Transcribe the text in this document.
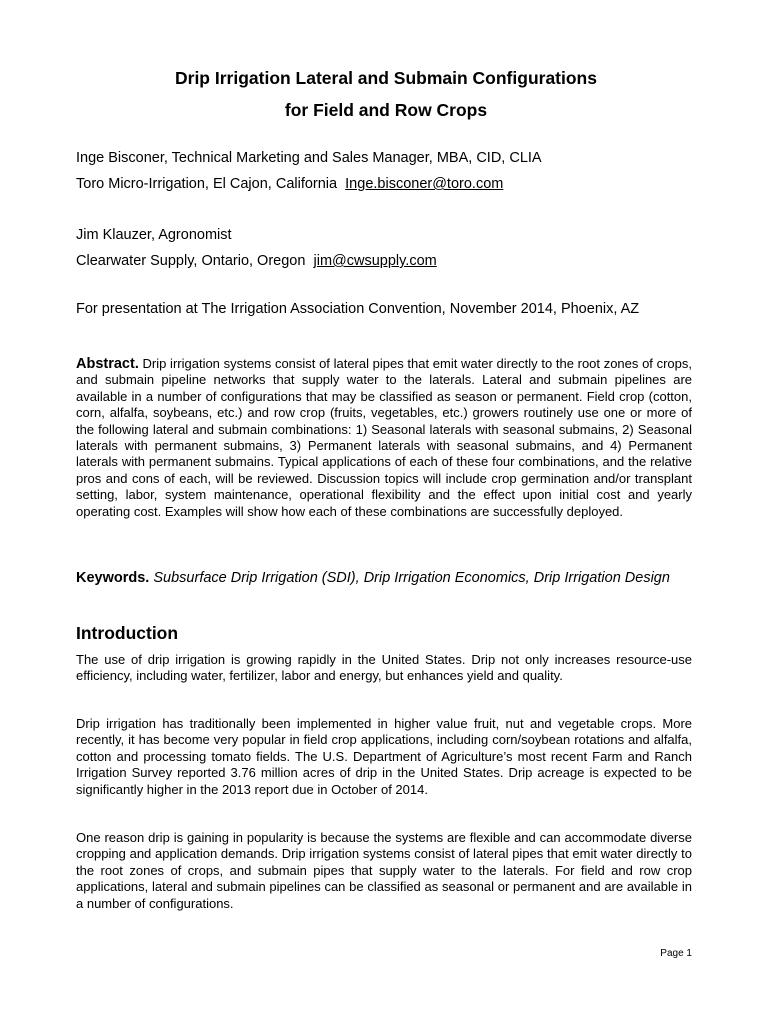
Drip Irrigation Lateral and Submain Configurations
for Field and Row Crops
Inge Bisconer, Technical Marketing and Sales Manager, MBA, CID, CLIA
Toro Micro-Irrigation, El Cajon, California Inge.bisconer@toro.com
Jim Klauzer, Agronomist
Clearwater Supply, Ontario, Oregon jim@cwsupply.com
For presentation at The Irrigation Association Convention, November 2014, Phoenix, AZ
Abstract. Drip irrigation systems consist of lateral pipes that emit water directly to the root zones of crops, and submain pipeline networks that supply water to the laterals. Lateral and submain pipelines are available in a number of configurations that may be classified as season or permanent. Field crop (cotton, corn, alfalfa, soybeans, etc.) and row crop (fruits, vegetables, etc.) growers routinely use one or more of the following lateral and submain combinations: 1) Seasonal laterals with seasonal submains, 2) Seasonal laterals with permanent submains, 3) Permanent laterals with seasonal submains, and 4) Permanent laterals with permanent submains. Typical applications of each of these four combinations, and the relative pros and cons of each, will be reviewed. Discussion topics will include crop germination and/or transplant setting, labor, system maintenance, operational flexibility and the effect upon initial cost and yearly operating cost. Examples will show how each of these combinations are successfully deployed.
Keywords. Subsurface Drip Irrigation (SDI), Drip Irrigation Economics, Drip Irrigation Design
Introduction
The use of drip irrigation is growing rapidly in the United States. Drip not only increases resource-use efficiency, including water, fertilizer, labor and energy, but enhances yield and quality.
Drip irrigation has traditionally been implemented in higher value fruit, nut and vegetable crops. More recently, it has become very popular in field crop applications, including corn/soybean rotations and alfalfa, cotton and processing tomato fields. The U.S. Department of Agriculture’s most recent Farm and Ranch Irrigation Survey reported 3.76 million acres of drip in the United States. Drip acreage is expected to be significantly higher in the 2013 report due in October of 2014.
One reason drip is gaining in popularity is because the systems are flexible and can accommodate diverse cropping and application demands. Drip irrigation systems consist of lateral pipes that emit water directly to the root zones of crops, and submain pipes that supply water to the laterals. For field and row crop applications, lateral and submain pipelines can be classified as seasonal or permanent and are available in a number of configurations.
Page 1
